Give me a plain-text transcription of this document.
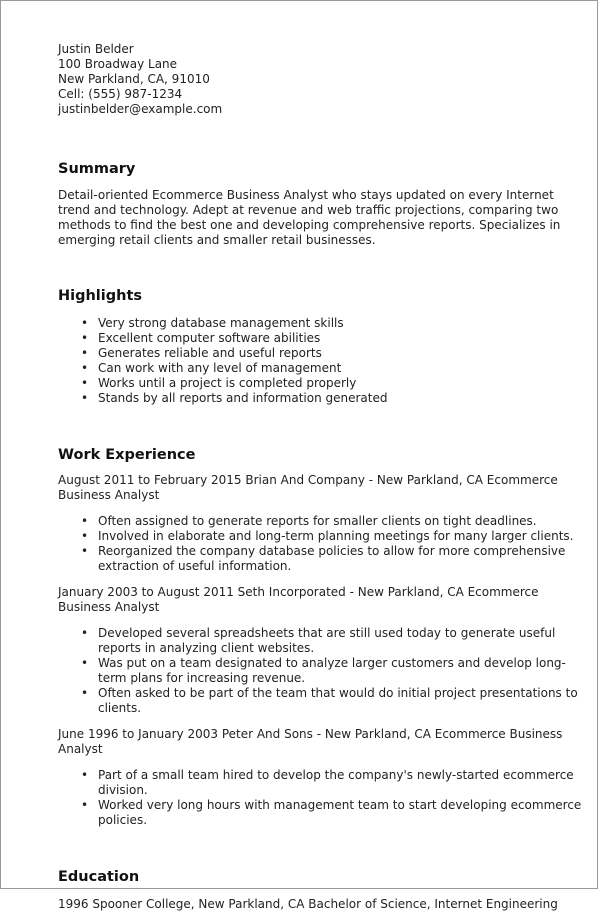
Justin Belder
100 Broadway Lane
New Parkland, CA, 91010
Cell: (555) 987-1234
justinbelder@example.com
Summary

Detail-oriented Ecommerce Business Analyst who stays updated on every Internet trend and technology. Adept at revenue and web traffic projections, comparing two methods to find the best one and developing comprehensive reports. Specializes in emerging retail clients and smaller retail businesses.

Highlights
• Very strong database management skills
• Excellent computer software abilities
• Generates reliable and useful reports
• Can work with any level of management
• Works until a project is completed properly
• Stands by all reports and information generated
Work Experience
August 2011 to February 2015 Brian And Company - New Parkland, CA Ecommerce Business Analyst
• Often assigned to generate reports for smaller clients on tight deadlines.
• Involved in elaborate and long-term planning meetings for many larger clients.
• Reorganized the company database policies to allow for more comprehensive extraction of useful information.
January 2003 to August 2011 Seth Incorporated - New Parkland, CA Ecommerce Business Analyst
• Developed several spreadsheets that are still used today to generate useful reports in analyzing client websites.
• Was put on a team designated to analyze larger customers and develop long-term plans for increasing revenue.
• Often asked to be part of the team that would do initial project presentations to clients.
June 1996 to January 2003 Peter And Sons - New Parkland, CA Ecommerce Business Analyst
• Part of a small team hired to develop the company's newly-started ecommerce division.
• Worked very long hours with management team to start developing ecommerce policies.
Education

1996 Spooner College, New Parkland, CA Bachelor of Science, Internet Engineering
